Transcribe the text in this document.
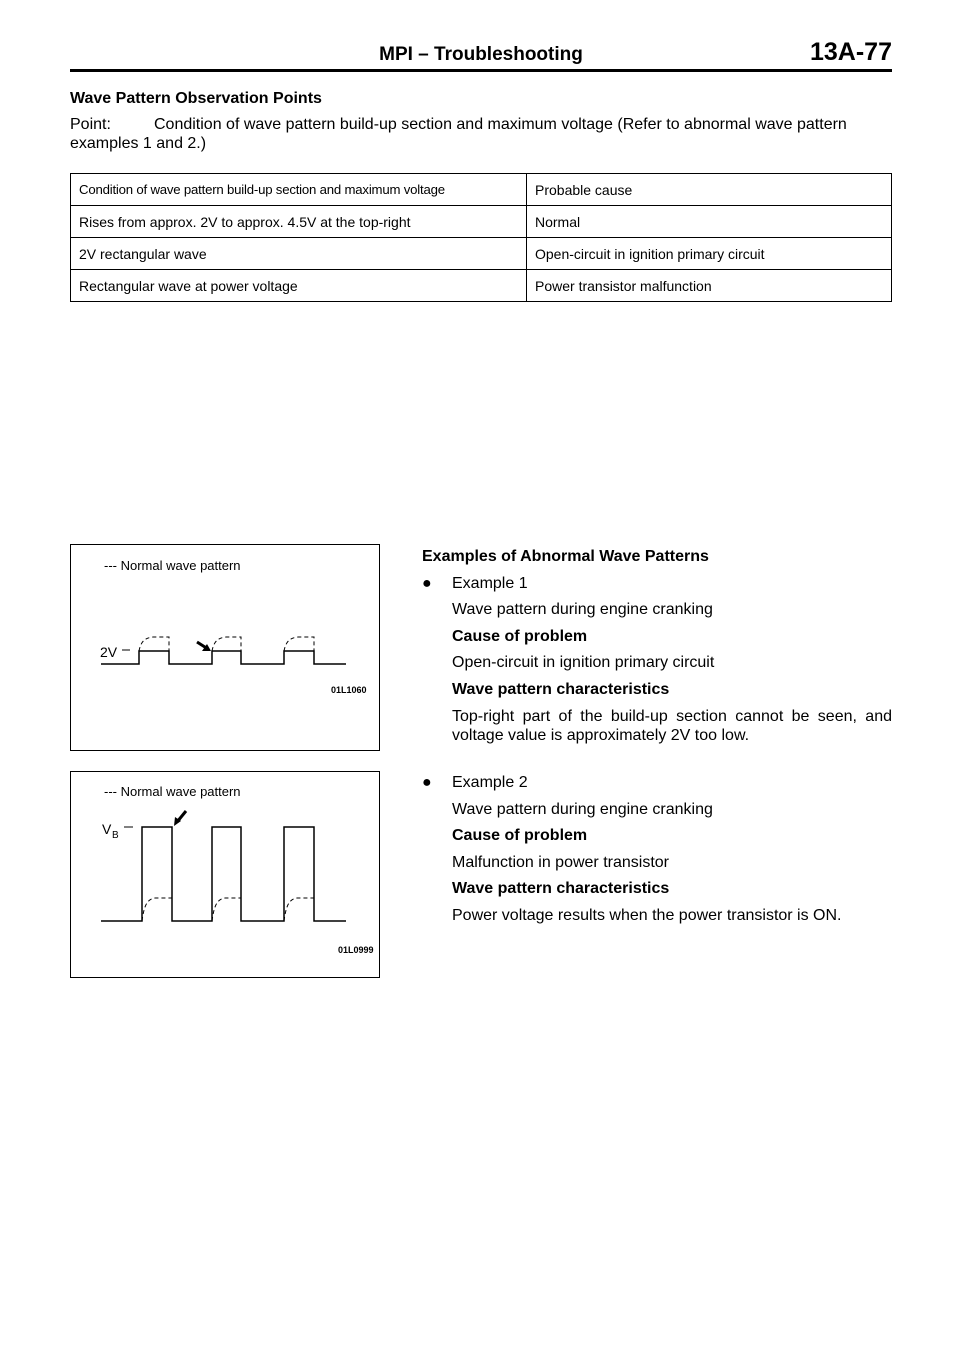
MPI – Troubleshooting	13A-77
Wave Pattern Observation Points
Point:	Condition of wave pattern build-up section and maximum voltage (Refer to abnormal wave pattern examples 1 and 2.)
Condition of wave pattern build-up section and maximum voltage	Probable cause
Rises from approx. 2V to approx. 4.5V at the top-right	Normal
2V rectangular wave	Open-circuit in ignition primary circuit
Rectangular wave at power voltage	Power transistor malfunction
--- Normal wave pattern
2V
01L1060
--- Normal wave pattern
V B
01L0999
Examples of Abnormal Wave Patterns
● Example 1
Wave pattern during engine cranking
Cause of problem
Open-circuit in ignition primary circuit
Wave pattern characteristics
Top-right part of the build-up section cannot be seen, and voltage value is approximately 2V too low.
● Example 2
Wave pattern during engine cranking
Cause of problem
Malfunction in power transistor
Wave pattern characteristics
Power voltage results when the power transistor is ON.
